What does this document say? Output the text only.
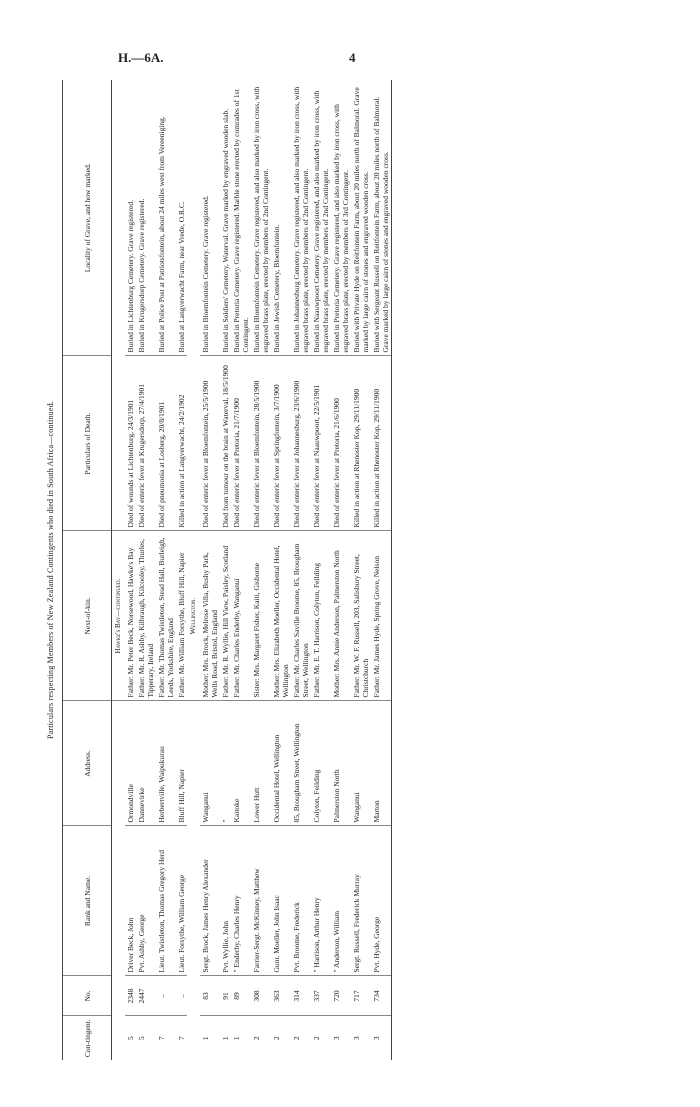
H.—6A.	4
Particulars respecting Members of New Zealand Contingents who died in South Africa—continued.
Con-tingent.	No.	Rank and Name.	Address.	Next-of-kin.	Particulars of Death.	Locality of Grave, and how marked.
				Hawke's Bay—continued.		
5	2348	Driver Beck, John	Ormondville	Father: Mr. Peter Beck, Norsewood, Hawke's Bay	Died of wounds at Lichtenburg, 24/3/1901	Buried in Lichtenburg Cemetery. Grave registered.
5	2447	Pvt. Ashby, George	Dannevirke	Father: Mr. R. Ashby, Kilbraugh, Kilcooley, Thurles, Tipperary, Ireland	Died of enteric fever at Krugersdorp, 27/4/1901	Buried in Krugersdorp Cemetery. Grave registered.
7	..	Lieut. Twistleton, Thomas Gregory Herd	Herbertville, Waipukurau	Father: Mr. Thomas Twistleton, Stead Hall, Burleigh, Leeds, Yorkshire, England	Died of pneumonia at Losberg, 20/8/1901	Buried at Police Post at Patriotsfontein, about 24 miles west from Vereeniging.
7	..	Lieut. Forsythe, William George	Bluff Hill, Napier	Father: Mr. William Forsythe, Bluff Hill, Napier	Killed in action at Langverwacht, 24/2/1902	Buried at Langverwacht Farm, near Vrede, O.R.C.
				Wellington.		
1	83	Sergt. Brock, James Henry Alexander	Wanganui	Mother: Mrs. Brock, Melrose Villa, Bushy Park, Wells Road, Bristol, England	Died of enteric fever at Bloemfontein, 25/5/1900	Buried in Bloemfontein Cemetery. Grave registered.
1	91	Pvt. Wyllie, John	"	Father: Mr. R. Wyllie, Hill View, Paisley, Scotland	Died from tumour on the brain at Waterval, 18/5/1900	Buried in Soldiers' Cemetery, Waterval. Grave marked by engraved wooden slab.
1	89	" Enderby, Charles Henry	Kaitoke	Father: Mr. Charles Enderby, Wanganui	Died of enteric fever at Pretoria, 21/7/1900	Buried in Pretoria Cemetery. Grave registered. Marble stone erected by comrades of 1st Contingent.
2	308	Farrier-Sergt. McKinney, Matthew	Lower Hutt	Sister: Mrs. Margaret Fisher, Kaiti, Gisborne	Died of enteric fever at Bloemfontein, 28/5/1900	Buried in Bloemfontein Cemetery. Grave registered, and also marked by iron cross, with engraved brass plate, erected by members of 2nd Contingent.
2	363	Gunr. Moeller, John Isaac	Occidental Hotel, Wellington	Mother: Mrs. Elizabeth Moeller, Occidental Hotel, Wellington	Died of enteric fever at Springfontein, 3/7/1900	Buried in Jewish Cemetery, Bloemfontein.
2	314	Pvt. Broome, Frederick	85, Brougham Street, Wellington	Father: Mr. Charles Saville Broome, 85, Brougham Street, Wellington	Died of enteric fever at Johannesburg, 23/6/1900	Buried in Johannesburg Cemetery. Grave registered, and also marked by iron cross, with engraved brass plate, erected by members of 2nd Contingent.
2	337	" Harrison, Arthur Henry	Colyton, Feilding	Father: Mr. E. T. Harrison, Colyton, Feilding	Died of enteric fever at Naauwpoort, 22/5/1901	Buried in Naauwpoort Cemetery. Grave registered, and also marked by iron cross, with engraved brass plate, erected by members of 2nd Contingent.
3	720	" Anderson, William	Palmerston North	Mother: Mrs. Annie Anderson, Palmerston North	Died of enteric fever at Pretoria, 21/6/1900	Buried in Pretoria Cemetery. Grave registered, and also marked by iron cross, with engraved brass plate, erected by members of 3rd Contingent.
3	717	Sergt. Russell, Frederick Murray	Wanganui	Father: Mr. W. F. Russell, 203, Salisbury Street, Christchurch	Killed in action at Rhenoster Kop, 29/11/1900	Buried with Private Hyde on Reitfontein Farm, about 20 miles north of Balmoral. Grave marked by large cairn of stones and engraved wooden cross.
3	734	Pvt. Hyde, George	Marton	Father: Mr. James Hyde, Spring Grove, Nelson	Killed in action at Rhenoster Kop, 29/11/1900	Buried with Sergeant Russell on Reitfontein Farm, about 20 miles north of Balmoral. Grave marked by large cairn of stones and engraved wooden cross.
